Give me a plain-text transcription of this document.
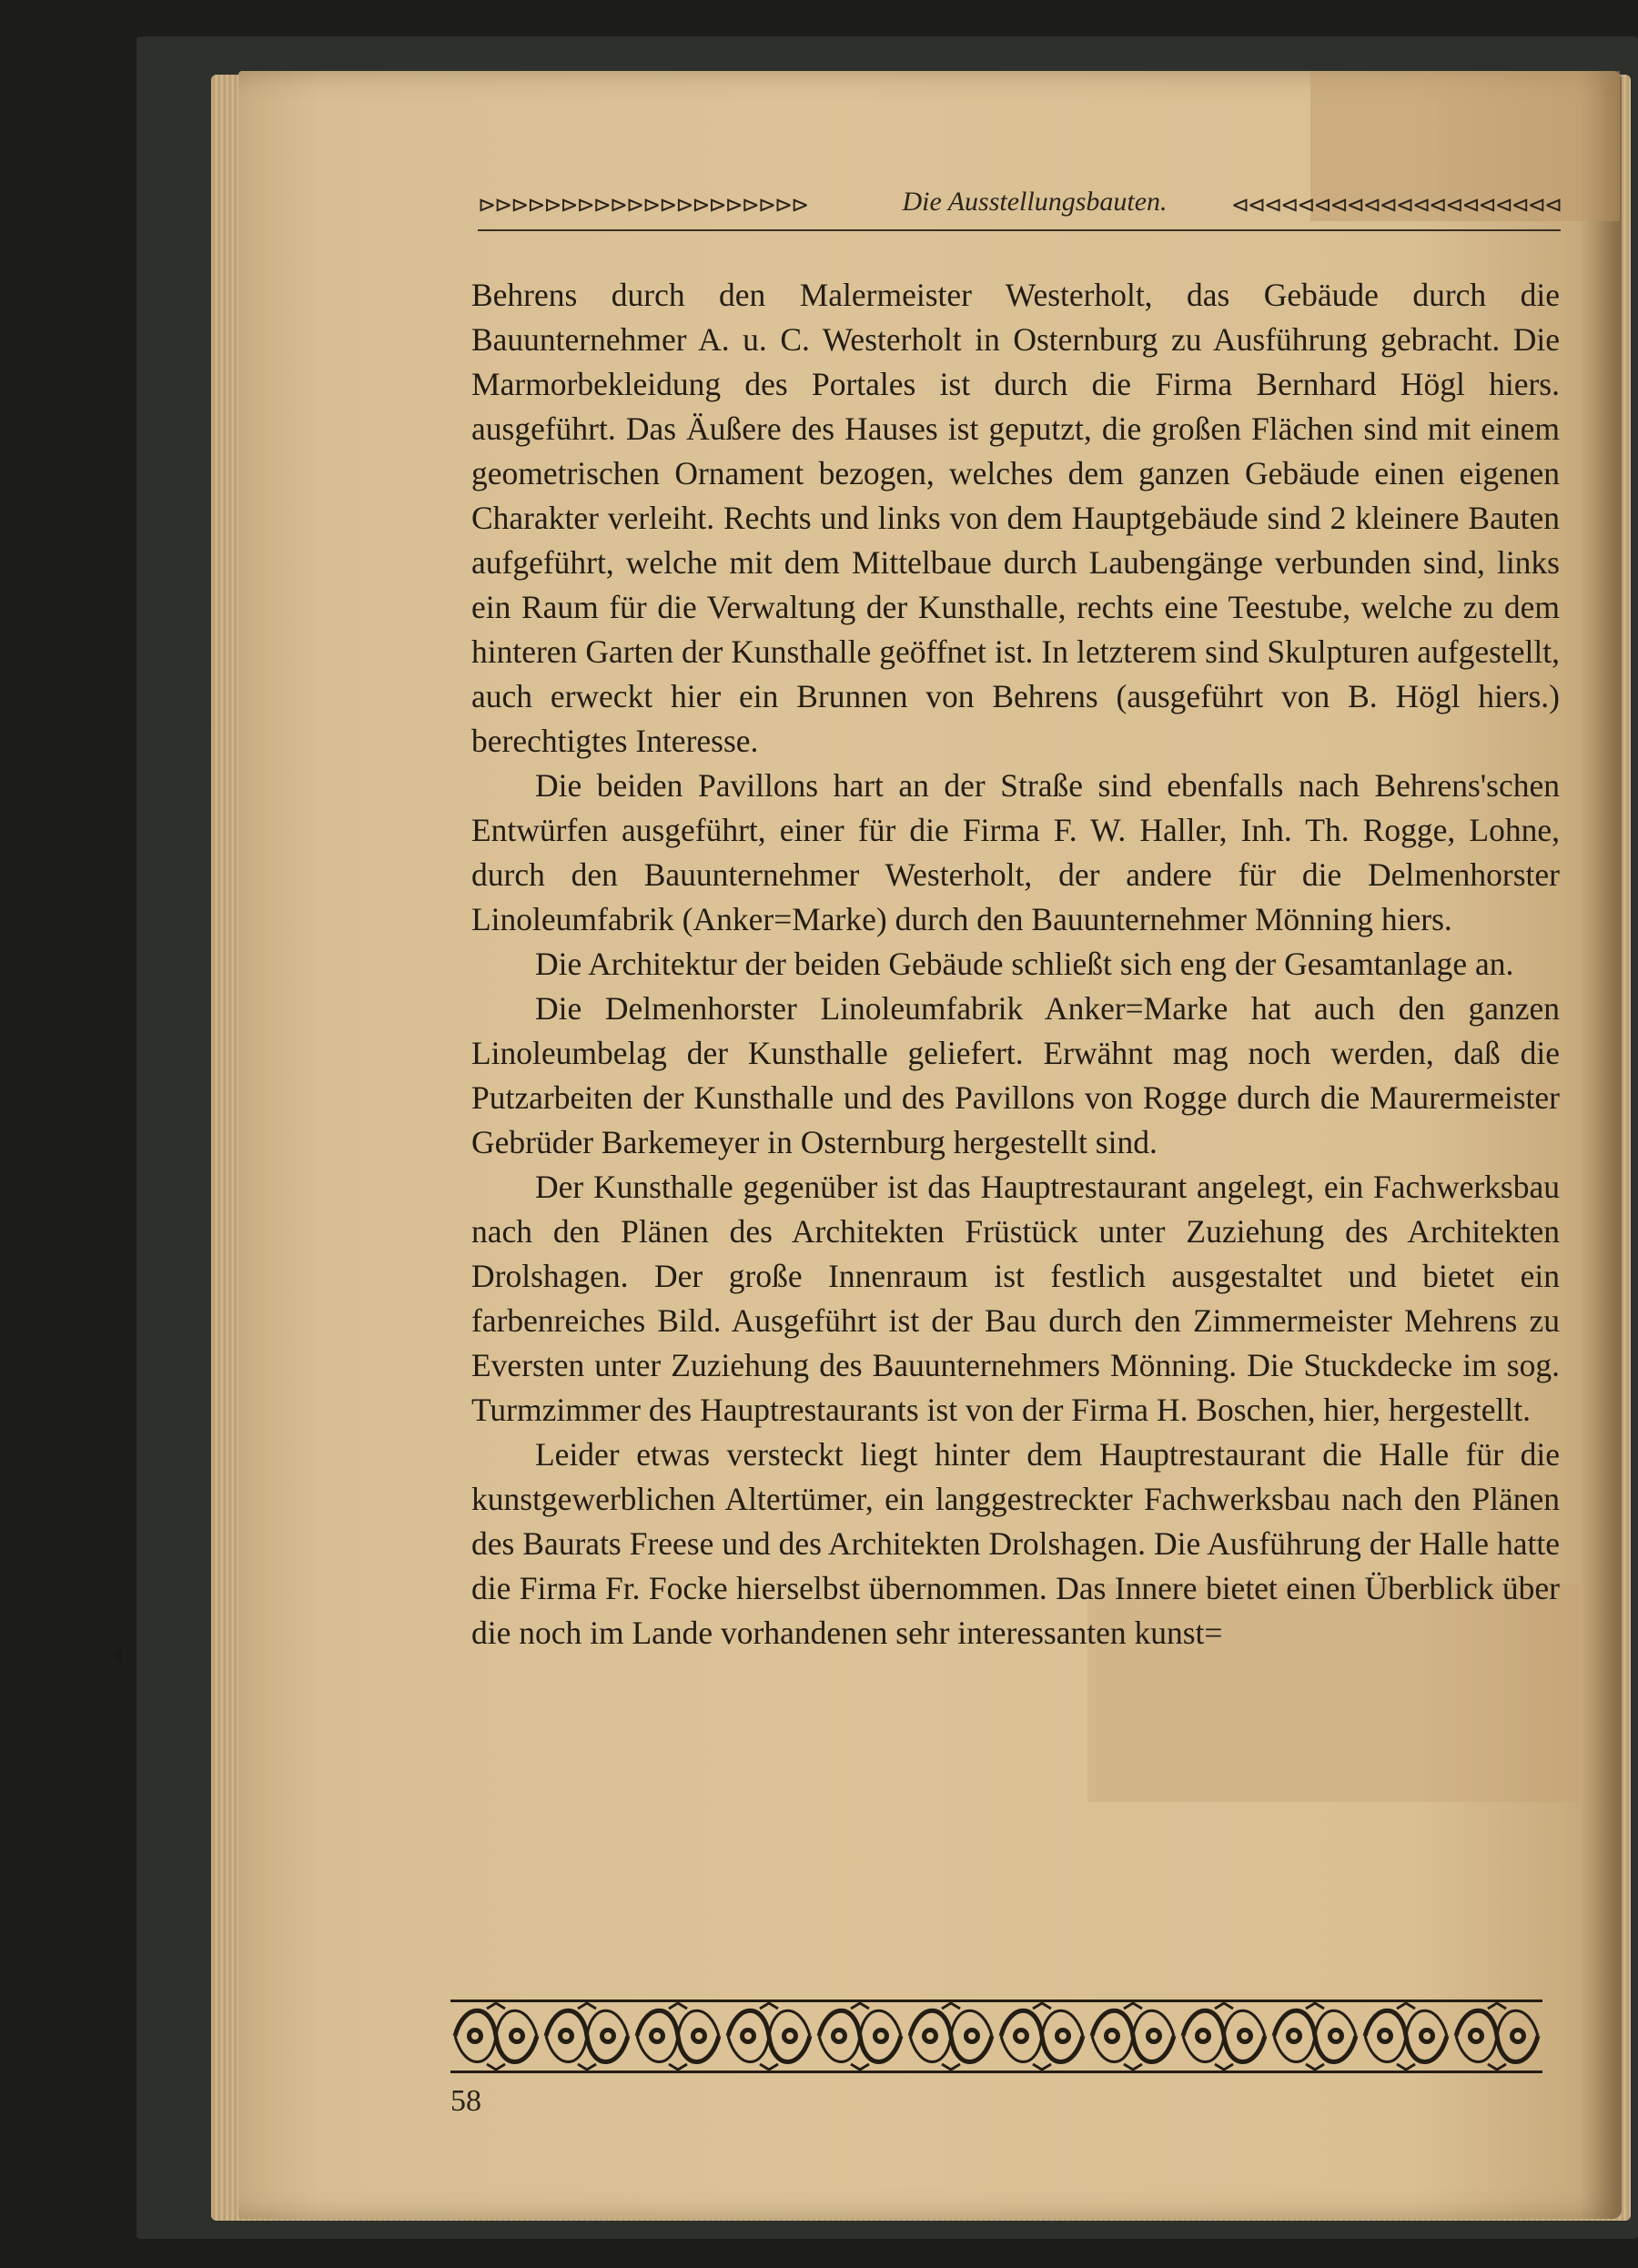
⊳⊳⊳⊳⊳⊳⊳⊳⊳⊳⊳⊳⊳⊳⊳⊳⊳⊳⊳⊳	Die Ausstellungsbauten.	⊲⊲⊲⊲⊲⊲⊲⊲⊲⊲⊲⊲⊲⊲⊲⊲⊲⊲⊲⊲

Behrens durch den Malermeister Westerholt, das Gebäude durch die Bauunternehmer A. u. C. Westerholt in Osternburg zu Ausführung gebracht. Die Marmorbekleidung des Portales ist durch die Firma Bernhard Högl hiers. ausgeführt. Das Äußere des Hauses ist geputzt, die großen Flächen sind mit einem geometrischen Ornament bezogen, welches dem ganzen Gebäude einen eigenen Charakter verleiht. Rechts und links von dem Hauptgebäude sind 2 kleinere Bauten aufgeführt, welche mit dem Mittelbaue durch Laubengänge verbunden sind, links ein Raum für die Verwaltung der Kunsthalle, rechts eine Teestube, welche zu dem hinteren Garten der Kunsthalle geöffnet ist. In letzterem sind Skulpturen aufgestellt, auch erweckt hier ein Brunnen von Behrens (ausgeführt von B. Högl hiers.) berechtigtes Interesse.

Die beiden Pavillons hart an der Straße sind ebenfalls nach Behrens'schen Entwürfen ausgeführt, einer für die Firma F. W. Haller, Inh. Th. Rogge, Lohne, durch den Bauunternehmer Westerholt, der andere für die Delmenhorster Linoleumfabrik (Anker=Marke) durch den Bauunternehmer Mönning hiers.

Die Architektur der beiden Gebäude schließt sich eng der Gesamtanlage an.

Die Delmenhorster Linoleumfabrik Anker=Marke hat auch den ganzen Linoleumbelag der Kunsthalle geliefert. Erwähnt mag noch werden, daß die Putzarbeiten der Kunsthalle und des Pavillons von Rogge durch die Maurermeister Gebrüder Barkemeyer in Osternburg hergestellt sind.

Der Kunsthalle gegenüber ist das Hauptrestaurant angelegt, ein Fachwerksbau nach den Plänen des Architekten Früstück unter Zuziehung des Architekten Drolshagen. Der große Innenraum ist festlich ausgestaltet und bietet ein farbenreiches Bild. Ausgeführt ist der Bau durch den Zimmermeister Mehrens zu Eversten unter Zuziehung des Bauunternehmers Mönning. Die Stuckdecke im sog. Turmzimmer des Hauptrestaurants ist von der Firma H. Boschen, hier, hergestellt.

Leider etwas versteckt liegt hinter dem Hauptrestaurant die Halle für die kunstgewerblichen Altertümer, ein langgestreckter Fachwerksbau nach den Plänen des Baurats Freese und des Architekten Drolshagen. Die Ausführung der Halle hatte die Firma Fr. Focke hierselbst übernommen. Das Innere bietet einen Überblick über die noch im Lande vorhandenen sehr interessanten kunst=

58
